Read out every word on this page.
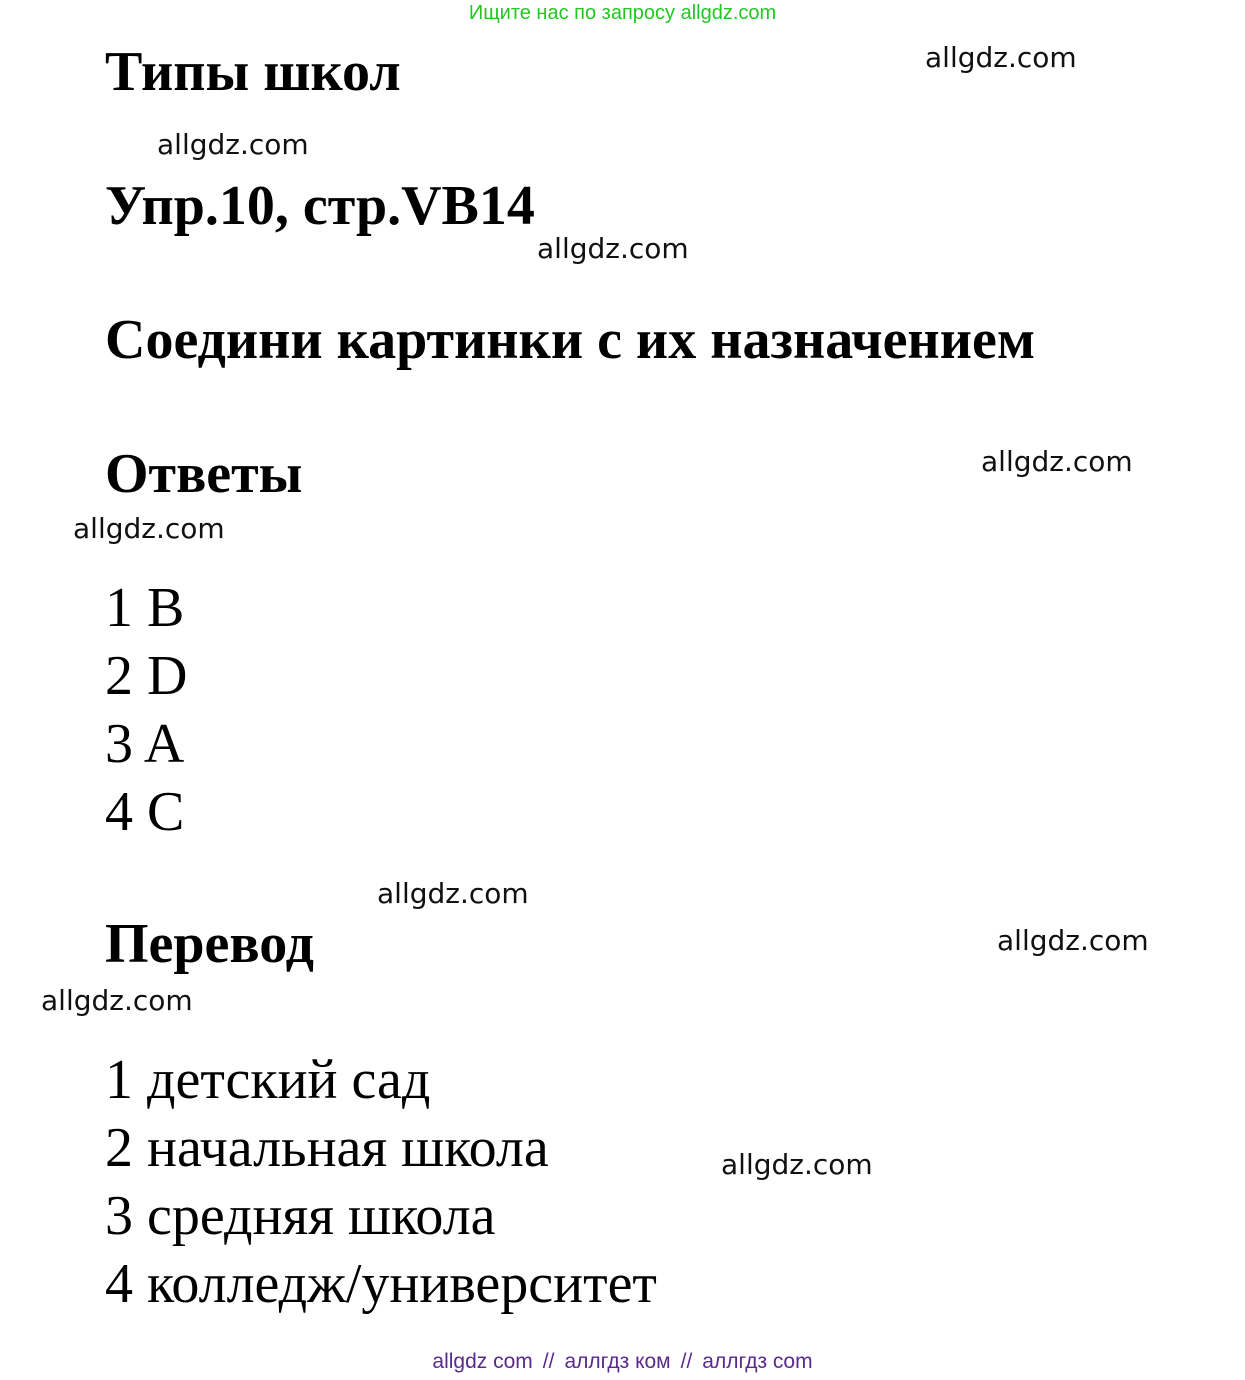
Ищите нас по запросу allgdz.com
Типы школ
Упр.10, стр.VB14
Соедини картинки с их назначением
Ответы
1 B
2 D
3 A
4 C
Перевод
1 детский сад
2 начальная школа
3 средняя школа
4 колледж/университет
allgdz.com
allgdz.com
allgdz.com
allgdz.com
allgdz.com
allgdz.com
allgdz.com
allgdz.com
allgdz.com
allgdz com // аллгдз ком // аллгдз com
